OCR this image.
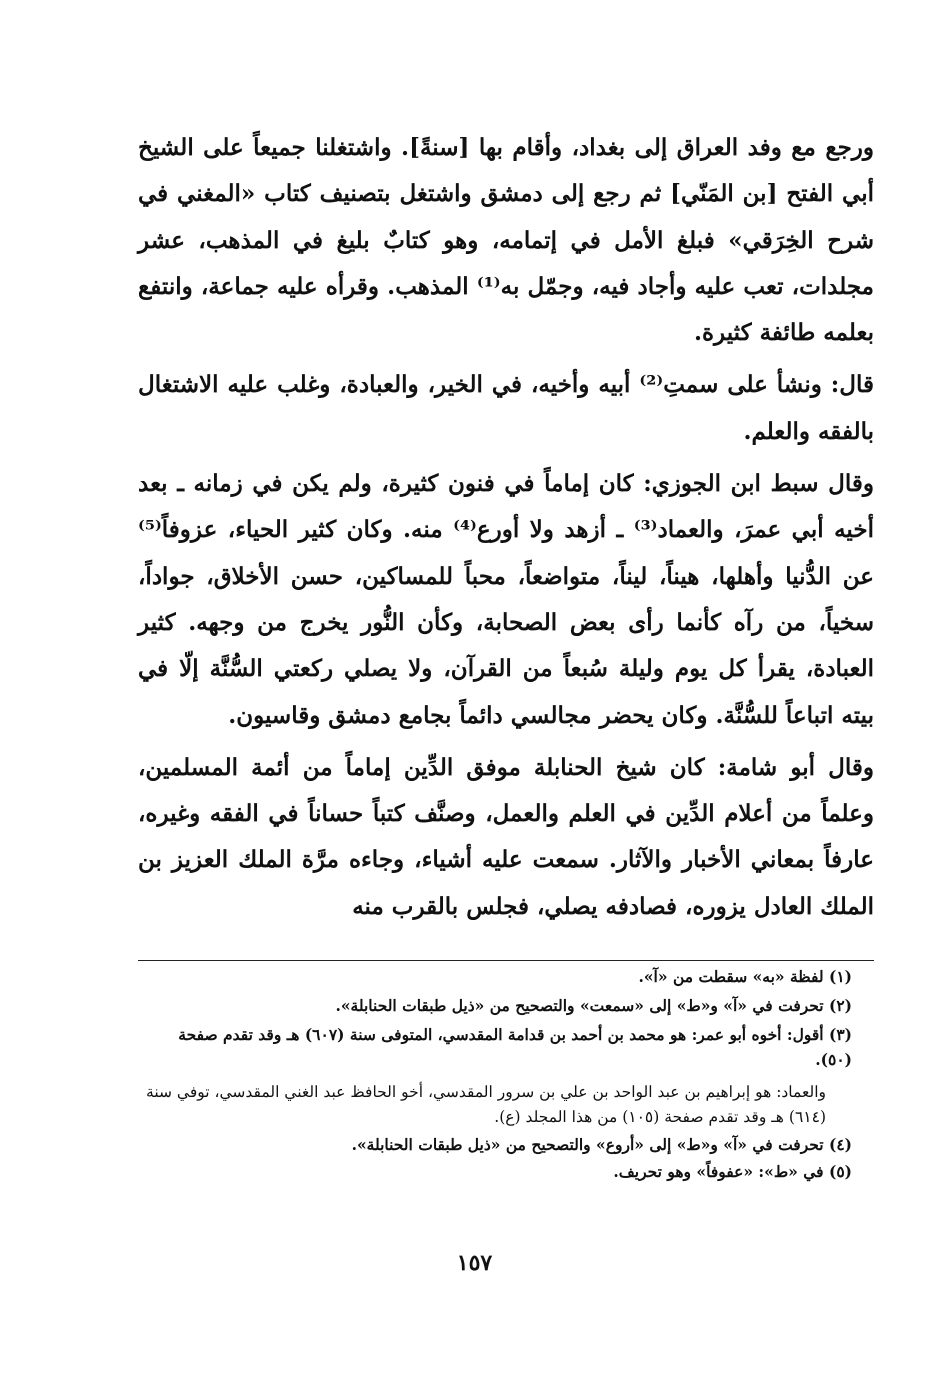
ورجع مع وفد العراق إلى بغداد، وأقام بها [سنةً]. واشتغلنا جميعاً على الشيخ أبي الفتح [بن المَنّي] ثم رجع إلى دمشق واشتغل بتصنيف كتاب «المغني في شرح الخِرَقي» فبلغ الأمل في إتمامه، وهو كتابٌ بليغ في المذهب، عشر مجلدات، تعب عليه وأجاد فيه، وجمّل به⁽¹⁾ المذهب. وقرأه عليه جماعة، وانتفع بعلمه طائفة كثيرة.

قال: ونشأ على سمتِ⁽²⁾ أبيه وأخيه، في الخير، والعبادة، وغلب عليه الاشتغال بالفقه والعلم.

وقال سبط ابن الجوزي: كان إماماً في فنون كثيرة، ولم يكن في زمانه ـ بعد أخيه أبي عمرَ، والعماد⁽³⁾ ـ أزهد ولا أورع⁽⁴⁾ منه. وكان كثير الحياء، عزوفاً⁽⁵⁾ عن الدُّنيا وأهلها، هيناً، ليناً، متواضعاً، محباً للمساكين، حسن الأخلاق، جواداً، سخياً، من رآه كأنما رأى بعض الصحابة، وكأن النُّور يخرج من وجهه. كثير العبادة، يقرأ كل يوم وليلة سُبعاً من القرآن، ولا يصلي ركعتي السُّنَّة إلّا في بيته اتباعاً للسُّنَّة. وكان يحضر مجالسي دائماً بجامع دمشق وقاسيون.

وقال أبو شامة: كان شيخ الحنابلة موفق الدِّين إماماً من أئمة المسلمين، وعلماً من أعلام الدِّين في العلم والعمل، وصنَّف كتباً حساناً في الفقه وغيره، عارفاً بمعاني الأخبار والآثار. سمعت عليه أشياء، وجاءه مرَّة الملك العزيز بن الملك العادل يزوره، فصادفه يصلي، فجلس بالقرب منه

(١) لفظة «به» سقطت من «آ».

(٢) تحرفت في «آ» و«ط» إلى «سمعت» والتصحيح من «ذيل طبقات الحنابلة».

(٣) أقول: أخوه أبو عمر: هو محمد بن أحمد بن قدامة المقدسي، المتوفى سنة (٦٠٧) هـ وقد تقدم صفحة (٥٠).

والعماد: هو إبراهيم بن عبد الواحد بن علي بن سرور المقدسي، أخو الحافظ عبد الغني المقدسي، توفي سنة (٦١٤) هـ وقد تقدم صفحة (١٠٥) من هذا المجلد (ع).

(٤) تحرفت في «آ» و«ط» إلى «أروع» والتصحيح من «ذيل طبقات الحنابلة».

(٥) في «ط»: «عفوفاً» وهو تحريف.

١٥٧
